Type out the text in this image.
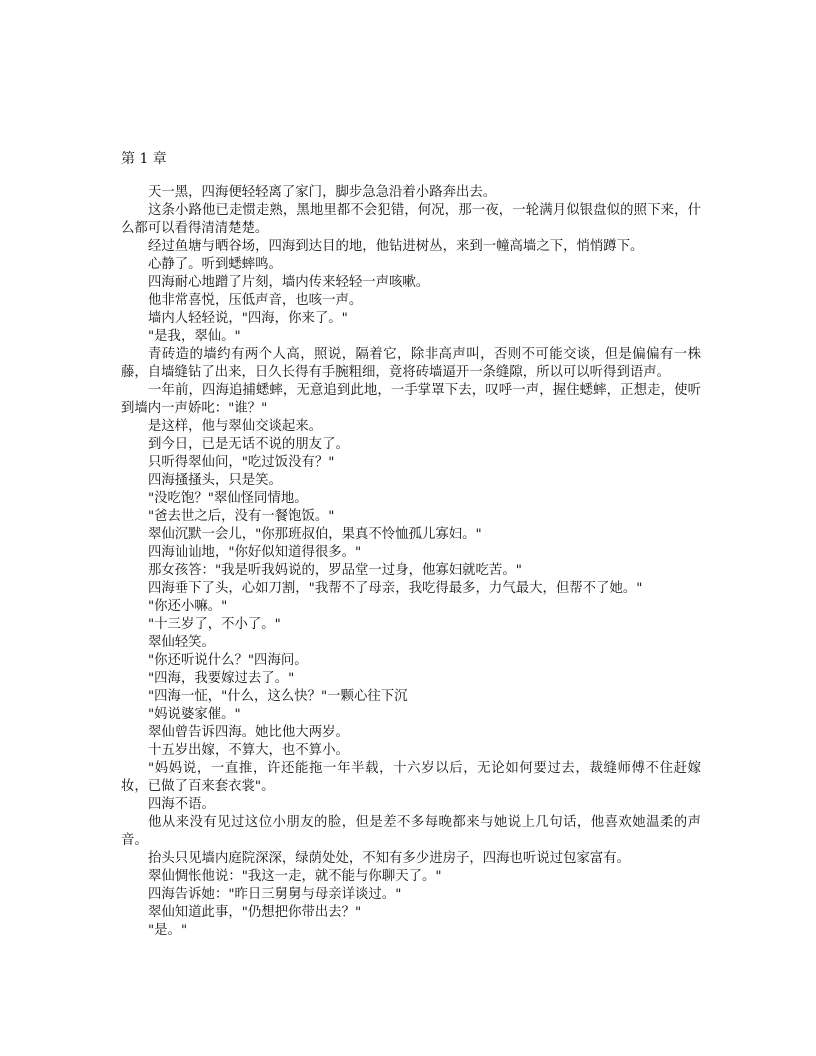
第 1 章

天一黑，四海便轻轻离了家门，脚步急急沿着小路奔出去。

这条小路他已走惯走熟，黑地里都不会犯错，何况，那一夜，一轮满月似银盘似的照下来，什么都可以看得清清楚楚。

经过鱼塘与晒谷场，四海到达目的地，他钻进树丛，来到一幢高墙之下，悄悄蹲下。

心静了。听到蟋蟀鸣。

四海耐心地蹭了片刻，墙内传来轻轻一声咳嗽。

他非常喜悦，压低声音，也咳一声。

墙内人轻轻说，"四海，你来了。"

"是我，翠仙。"

青砖造的墙约有两个人高，照说，隔着它，除非高声叫，否则不可能交谈，但是偏偏有一株藤，自墙缝钻了出来，日久长得有手腕粗细，竟将砖墙逼开一条缝隙，所以可以听得到语声。

一年前，四海追捕蟋蟀，无意追到此地，一手掌罩下去，叹呼一声，握住蟋蟀，正想走，使听到墙内一声娇叱："谁？"

是这样，他与翠仙交谈起来。

到今日，已是无话不说的朋友了。

只听得翠仙问，"吃过饭没有？"

四海搔搔头，只是笑。

"没吃饱？"翠仙怪同情地。

"爸去世之后，没有一餐饱饭。"

翠仙沉默一会儿，"你那班叔伯，果真不怜恤孤儿寡妇。"

四海讪讪地，"你好似知道得很多。"

那女孩答："我是听我妈说的，罗品堂一过身，他寡妇就吃苦。"

四海垂下了头，心如刀割，"我帮不了母亲，我吃得最多，力气最大，但帮不了她。"

"你还小嘛。"

"十三岁了，不小了。"

翠仙轻笑。

"你还听说什么？"四海问。

"四海，我要嫁过去了。"

"四海一怔，"什么，这么快？"一颗心往下沉

"妈说婆家催。"

翠仙曾告诉四海。她比他大两岁。

十五岁出嫁，不算大，也不算小。

"妈妈说，一直推，许还能拖一年半载，十六岁以后，无论如何要过去，裁缝师傅不住赶嫁妆，已做了百来套衣裳"。

四海不语。

他从来没有见过这位小朋友的脸，但是差不多每晚都来与她说上几句话，他喜欢她温柔的声音。

抬头只见墙内庭院深深，绿荫处处，不知有多少进房子，四海也听说过包家富有。

翠仙惆怅他说："我这一走，就不能与你聊天了。"

四海告诉她："昨日三舅舅与母亲详谈过。"

翠仙知道此事，"仍想把你带出去？"

"是。"
